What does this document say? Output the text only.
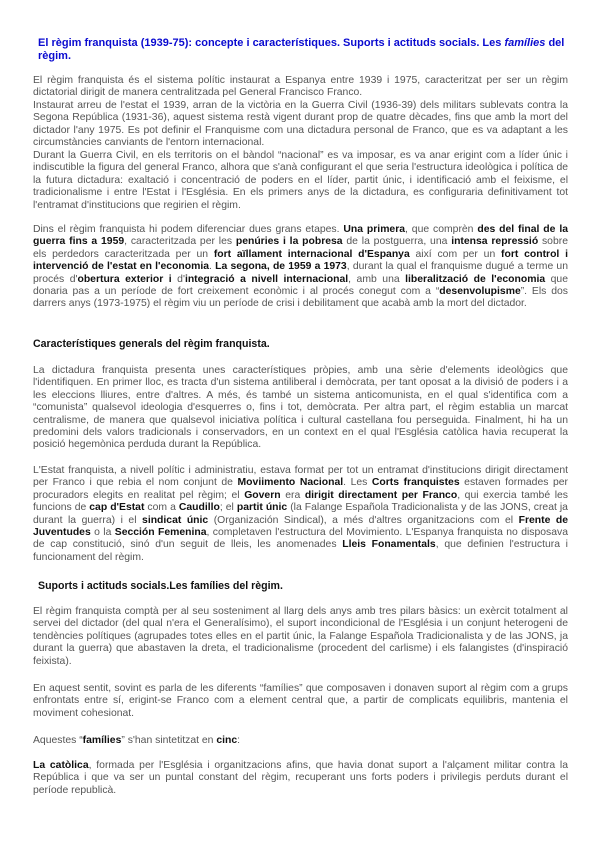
El règim franquista (1939-75): concepte i característiques. Suports i actituds socials. Les famílies del règim.

El règim franquista és el sistema polític instaurat a Espanya entre 1939 i 1975, caracteritzat per ser un règim dictatorial dirigit de manera centralitzada pel General Francisco Franco.

Instaurat arreu de l'estat el 1939, arran de la victòria en la Guerra Civil (1936-39) dels militars sublevats contra la Segona República (1931-36), aquest sistema restà vigent durant prop de quatre dècades, fins que amb la mort del dictador l'any 1975. Es pot definir el Franquisme com una dictadura personal de Franco, que es va adaptant a les circumstàncies canviants de l'entorn internacional.

Durant la Guerra Civil, en els territoris on el bàndol “nacional” es va imposar, es va anar erigint com a líder únic i indiscutible la figura del general Franco, alhora que s'anà configurant el que seria l'estructura ideològica i política de la futura dictadura: exaltació i concentració de poders en el líder, partit únic, i identificació amb el feixisme, el tradicionalisme i entre l'Estat i l'Església. En els primers anys de la dictadura, es configuraria definitivament tot l'entramat d'institucions que regirien el règim.

Dins el règim franquista hi podem diferenciar dues grans etapes. Una primera, que comprèn des del final de la guerra fins a 1959, caracteritzada per les penúries i la pobresa de la postguerra, una intensa repressió sobre els perdedors caracteritzada per un fort aïllament internacional d'Espanya així com per un fort control i intervenció de l'estat en l'economia. La segona, de 1959 a 1973, durant la qual el franquisme dugué a terme un procés d'obertura exterior i d'integració a nivell internacional, amb una liberalització de l'economia que donaria pas a un període de fort creixement econòmic i al procés conegut com a “desenvolupisme”. Els dos darrers anys (1973-1975) el règim viu un període de crisi i debilitament que acabà amb la mort del dictador.

Característiques generals del règim franquista.

La dictadura franquista presenta unes característiques pròpies, amb una sèrie d'elements ideològics que l'identifiquen. En primer lloc, es tracta d'un sistema antiliberal i demòcrata, per tant oposat a la divisió de poders i a les eleccions lliures, entre d'altres. A més, és també un sistema anticomunista, en el qual s'identifica com a “comunista” qualsevol ideologia d'esquerres o, fins i tot, demòcrata. Per altra part, el règim establia un marcat centralisme, de manera que qualsevol iniciativa política i cultural castellana fou perseguida. Finalment, hi ha un predomini dels valors tradicionals i conservadors, en un context en el qual l'Església catòlica havia recuperat la posició hegemònica perduda durant la República.

L'Estat franquista, a nivell polític i administratiu, estava format per tot un entramat d'institucions dirigit directament per Franco i que rebia el nom conjunt de Moviimento Nacional. Les Corts franquistes estaven formades per procuradors elegits en realitat pel règim; el Govern era dirigit directament per Franco, qui exercia també les funcions de cap d'Estat com a Caudillo; el partit únic (la Falange Española Tradicionalista y de las JONS, creat ja durant la guerra) i el sindicat únic (Organización Sindical), a més d'altres organitzacions com el Frente de Juventudes o la Sección Femenina, completaven l'estructura del Movimiento. L'Espanya franquista no disposava de cap constitució, sinó d'un seguit de lleis, les anomenades Lleis Fonamentals, que definien l'estructura i funcionament del règim.

Suports i actituds socials.Les famílies del règim.

El règim franquista comptà per al seu sosteniment al llarg dels anys amb tres pilars bàsics: un exèrcit totalment al servei del dictador (del qual n'era el Generalísimo), el suport incondicional de l'Església i un conjunt heterogeni de tendències polítiques (agrupades totes elles en el partit únic, la Falange Española Tradicionalista y de las JONS, ja durant la guerra) que abastaven la dreta, el tradicionalisme (procedent del carlisme) i els falangistes (d'inspiració feixista).

En aquest sentit, sovint es parla de les diferents “famílies” que composaven i donaven suport al règim com a grups enfrontats entre sí, erigint-se Franco com a element central que, a partir de complicats equilibris, mantenia el moviment cohesionat.

Aquestes “famílies” s'han sintetitzat en cinc:

La catòlica, formada per l'Església i organitzacions afins, que havia donat suport a l'alçament militar contra la República i que va ser un puntal constant del règim, recuperant uns forts poders i privilegis perduts durant el període republicà.
